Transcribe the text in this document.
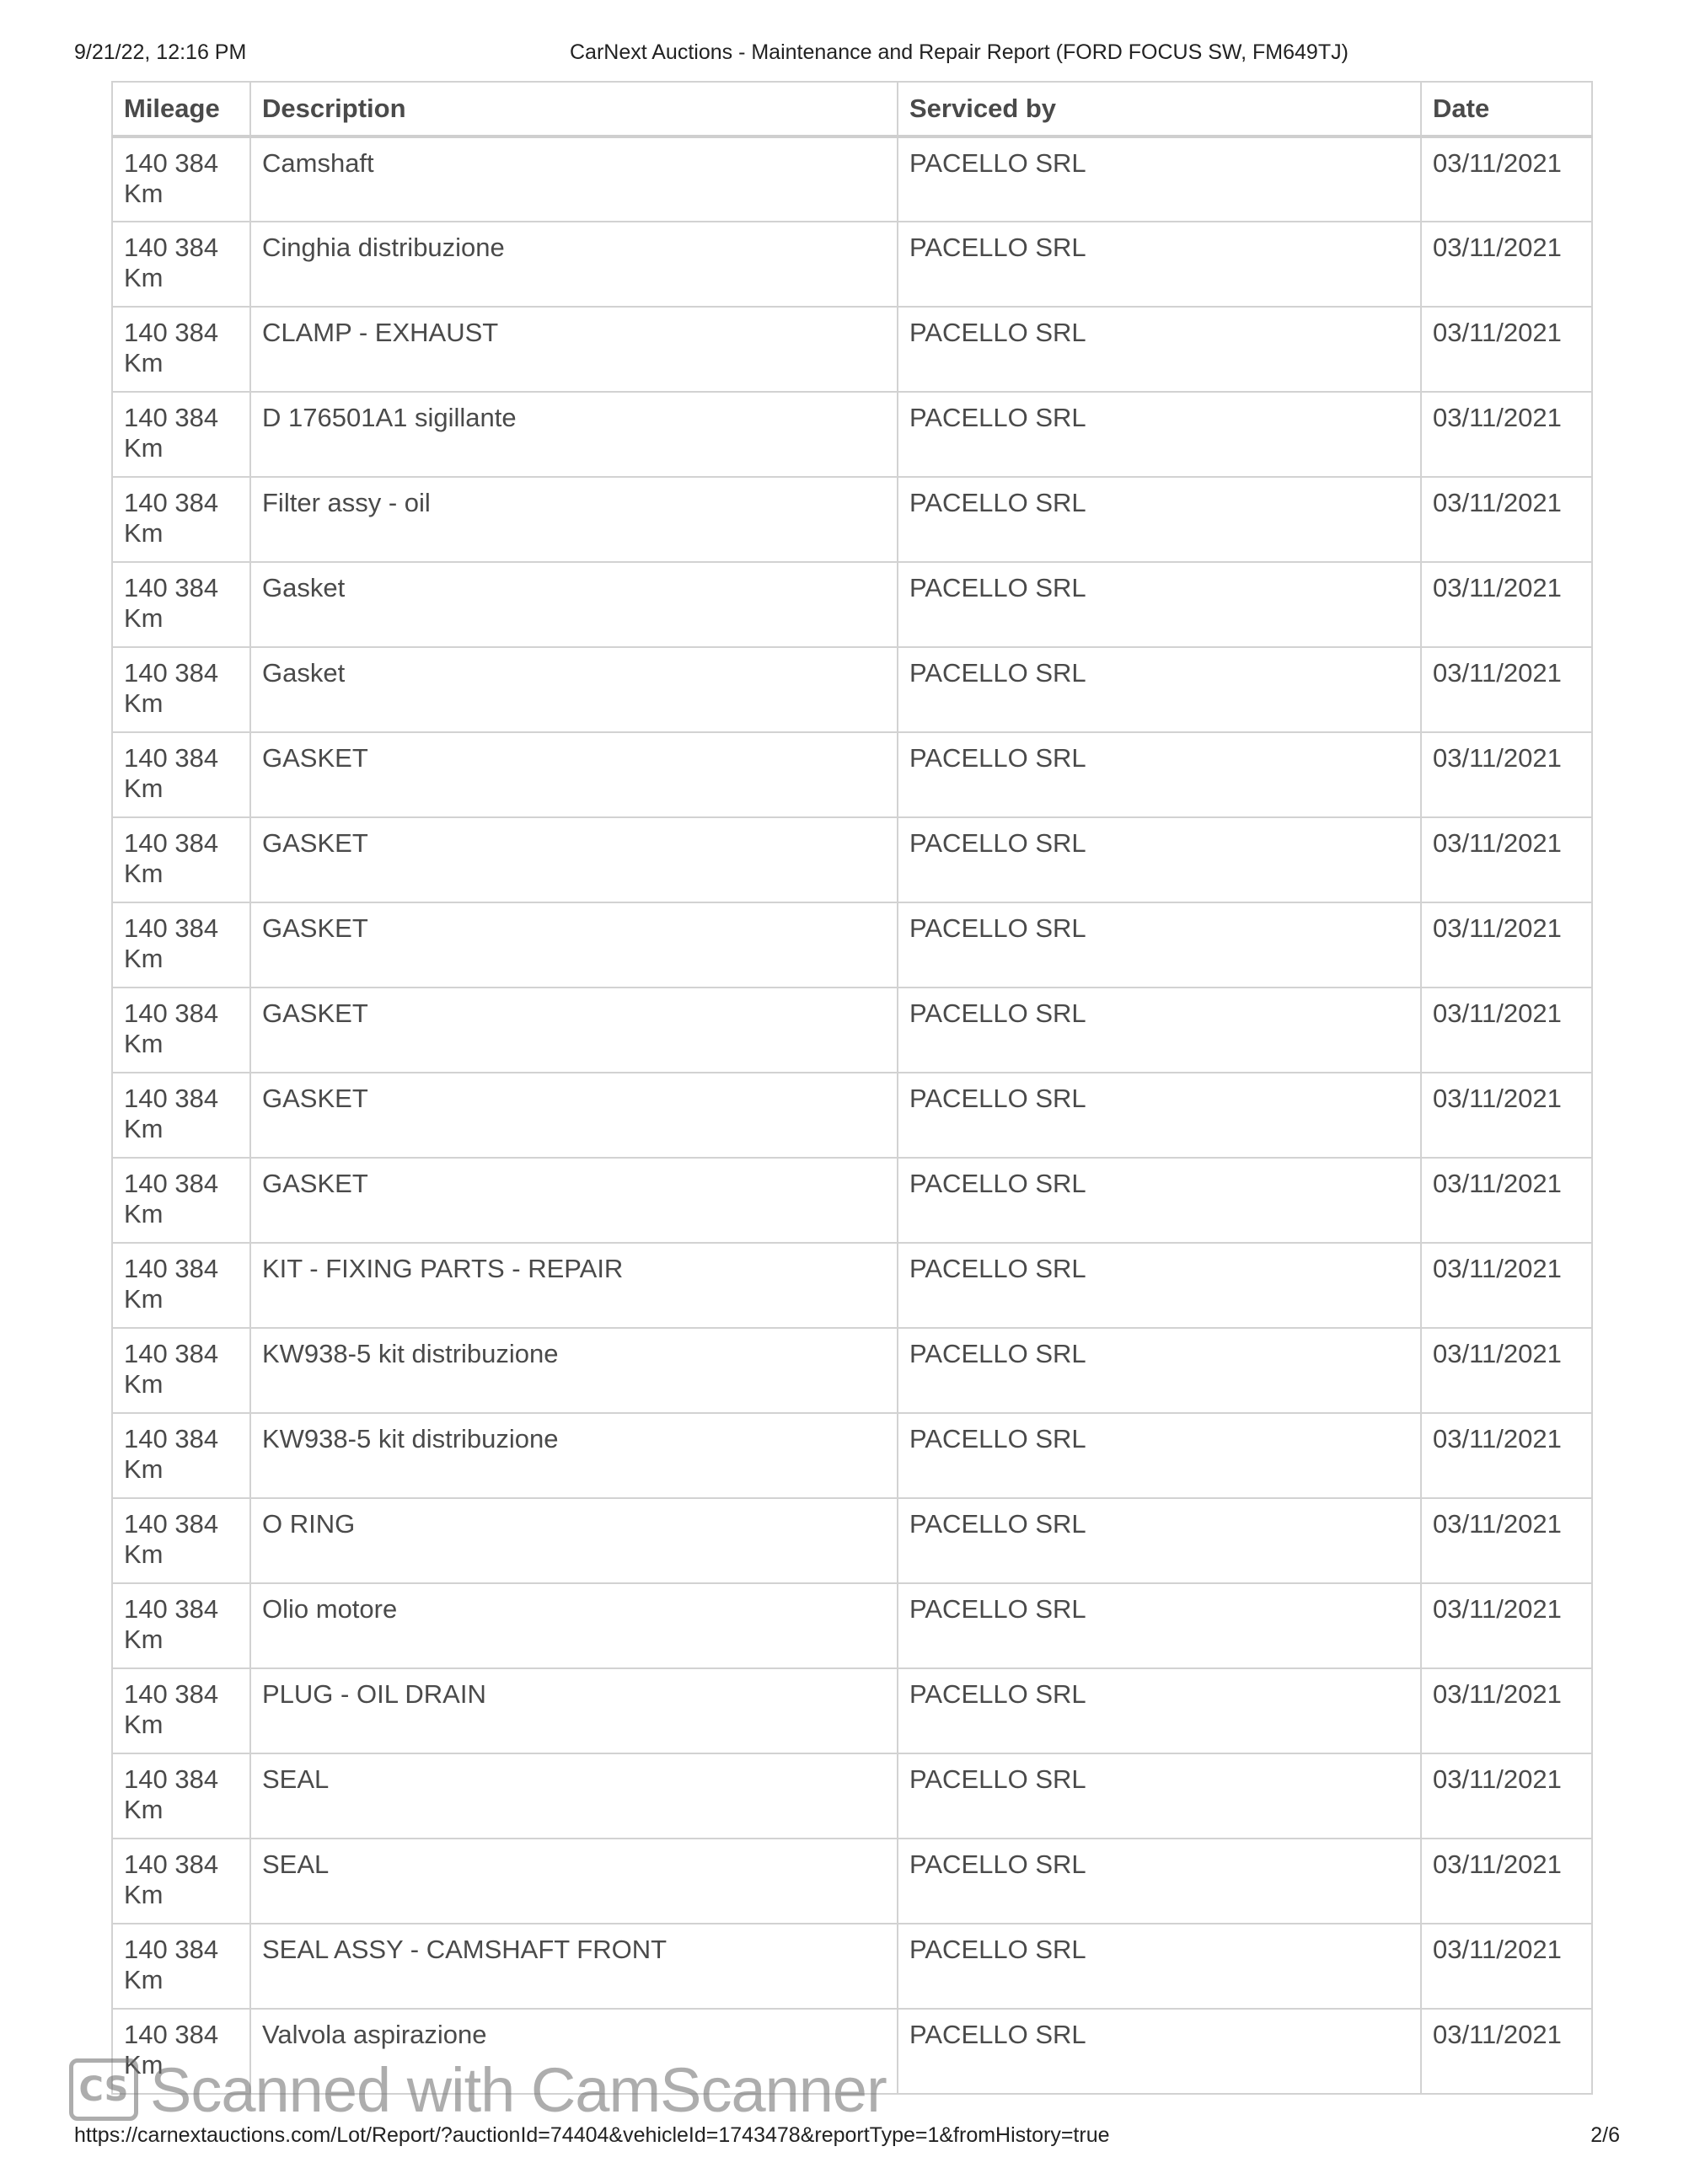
9/21/22, 12:16 PM	CarNext Auctions - Maintenance and Repair Report (FORD FOCUS SW, FM649TJ)
Mileage	Description	Serviced by	Date
140 384 Km	Camshaft	PACELLO SRL	03/11/2021
140 384 Km	Cinghia distribuzione	PACELLO SRL	03/11/2021
140 384 Km	CLAMP - EXHAUST	PACELLO SRL	03/11/2021
140 384 Km	D 176501A1 sigillante	PACELLO SRL	03/11/2021
140 384 Km	Filter assy - oil	PACELLO SRL	03/11/2021
140 384 Km	Gasket	PACELLO SRL	03/11/2021
140 384 Km	Gasket	PACELLO SRL	03/11/2021
140 384 Km	GASKET	PACELLO SRL	03/11/2021
140 384 Km	GASKET	PACELLO SRL	03/11/2021
140 384 Km	GASKET	PACELLO SRL	03/11/2021
140 384 Km	GASKET	PACELLO SRL	03/11/2021
140 384 Km	GASKET	PACELLO SRL	03/11/2021
140 384 Km	GASKET	PACELLO SRL	03/11/2021
140 384 Km	KIT - FIXING PARTS - REPAIR	PACELLO SRL	03/11/2021
140 384 Km	KW938-5 kit distribuzione	PACELLO SRL	03/11/2021
140 384 Km	KW938-5 kit distribuzione	PACELLO SRL	03/11/2021
140 384 Km	O RING	PACELLO SRL	03/11/2021
140 384 Km	Olio motore	PACELLO SRL	03/11/2021
140 384 Km	PLUG - OIL DRAIN	PACELLO SRL	03/11/2021
140 384 Km	SEAL	PACELLO SRL	03/11/2021
140 384 Km	SEAL	PACELLO SRL	03/11/2021
140 384 Km	SEAL ASSY - CAMSHAFT FRONT	PACELLO SRL	03/11/2021
140 384 Km	Valvola aspirazione	PACELLO SRL	03/11/2021
CS Scanned with CamScanner
https://carnextauctions.com/Lot/Report/?auctionId=74404&vehicleId=1743478&reportType=1&fromHistory=true	2/6
